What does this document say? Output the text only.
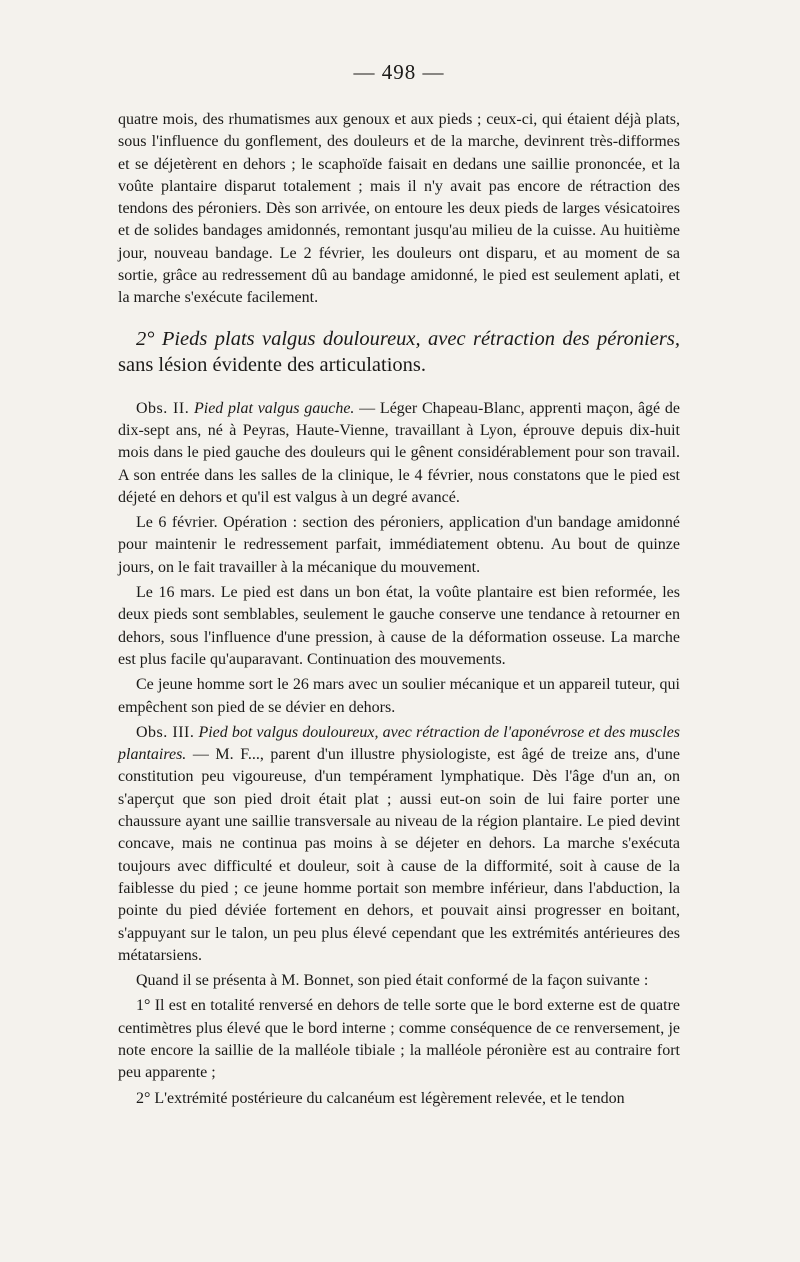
— 498 —

quatre mois, des rhumatismes aux genoux et aux pieds ; ceux-ci, qui étaient déjà plats, sous l'influence du gonflement, des douleurs et de la marche, devinrent très-difformes et se déjetèrent en dehors ; le scaphoïde faisait en dedans une saillie prononcée, et la voûte plantaire disparut totalement ; mais il n'y avait pas encore de rétraction des tendons des péroniers. Dès son arrivée, on entoure les deux pieds de larges vésicatoires et de solides bandages amidonnés, remontant jusqu'au milieu de la cuisse. Au huitième jour, nouveau bandage. Le 2 février, les douleurs ont disparu, et au moment de sa sortie, grâce au redressement dû au bandage amidonné, le pied est seulement aplati, et la marche s'exécute facilement.

2° Pieds plats valgus douloureux, avec rétraction des péroniers, sans lésion évidente des articulations.

Obs. II. Pied plat valgus gauche. — Léger Chapeau-Blanc, apprenti maçon, âgé de dix-sept ans, né à Peyras, Haute-Vienne, travaillant à Lyon, éprouve depuis dix-huit mois dans le pied gauche des douleurs qui le gênent considérablement pour son travail. A son entrée dans les salles de la clinique, le 4 février, nous constatons que le pied est déjeté en dehors et qu'il est valgus à un degré avancé.

Le 6 février. Opération : section des péroniers, application d'un bandage amidonné pour maintenir le redressement parfait, immédiatement obtenu. Au bout de quinze jours, on le fait travailler à la mécanique du mouvement.

Le 16 mars. Le pied est dans un bon état, la voûte plantaire est bien reformée, les deux pieds sont semblables, seulement le gauche conserve une tendance à retourner en dehors, sous l'influence d'une pression, à cause de la déformation osseuse. La marche est plus facile qu'auparavant. Continuation des mouvements.

Ce jeune homme sort le 26 mars avec un soulier mécanique et un appareil tuteur, qui empêchent son pied de se dévier en dehors.

Obs. III. Pied bot valgus douloureux, avec rétraction de l'aponévrose et des muscles plantaires. — M. F..., parent d'un illustre physiologiste, est âgé de treize ans, d'une constitution peu vigoureuse, d'un tempérament lymphatique. Dès l'âge d'un an, on s'aperçut que son pied droit était plat ; aussi eut-on soin de lui faire porter une chaussure ayant une saillie transversale au niveau de la région plantaire. Le pied devint concave, mais ne continua pas moins à se déjeter en dehors. La marche s'exécuta toujours avec difficulté et douleur, soit à cause de la difformité, soit à cause de la faiblesse du pied ; ce jeune homme portait son membre inférieur, dans l'abduction, la pointe du pied déviée fortement en dehors, et pouvait ainsi progresser en boitant, s'appuyant sur le talon, un peu plus élevé cependant que les extrémités antérieures des métatarsiens.

Quand il se présenta à M. Bonnet, son pied était conformé de la façon suivante :

1° Il est en totalité renversé en dehors de telle sorte que le bord externe est de quatre centimètres plus élevé que le bord interne ; comme conséquence de ce renversement, je note encore la saillie de la malléole tibiale ; la malléole péronière est au contraire fort peu apparente ;

2° L'extrémité postérieure du calcanéum est légèrement relevée, et le tendon
